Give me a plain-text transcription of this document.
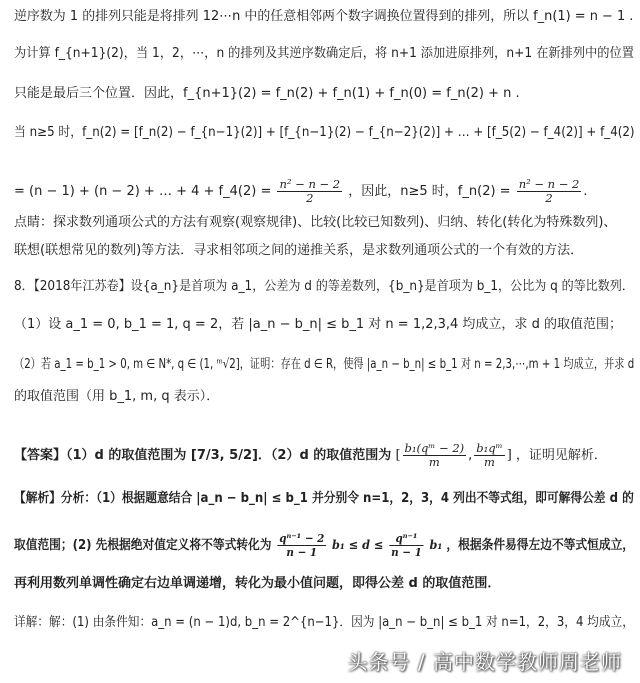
逆序数为 1 的排列只能是将排列 12⋯n 中的任意相邻两个数字调换位置得到的排列，所以 f_n(1) = n − 1 .
为计算 f_{n+1}(2)，当 1，2，⋯，n 的排列及其逆序数确定后，将 n+1 添加进原排列，n+1 在新排列中的位置
只能是最后三个位置．因此，f_{n+1}(2) = f_n(2) + f_n(1) + f_n(0) = f_n(2) + n .
当 n≥5 时，f_n(2) = [f_n(2) − f_{n−1}(2)] + [f_{n−1}(2) − f_{n−2}(2)] + … + [f_5(2) − f_4(2)] + f_4(2)
= (n − 1) + (n − 2) + … + 4 + f_4(2) = $\frac{\text{n² − n − 2}}{2}$ ，因此，n≥5 时，f_n(2) = $\frac{\text{n² − n − 2}}{2}$ .
点睛：探求数列通项公式的方法有观察(观察规律)、比较(比较已知数列)、归纳、转化(转化为特殊数列)、
联想(联想常见的数列)等方法．寻求相邻项之间的递推关系，是求数列通项公式的一个有效的方法．
8．【2018年江苏卷】设{a_n}是首项为 a_1，公差为 d 的等差数列，{b_n}是首项为 b_1，公比为 q 的等比数列．
（1）设 a_1 = 0, b_1 = 1, q = 2，若 |a_n − b_n| ≤ b_1 对 n = 1,2,3,4 均成立，求 d 的取值范围；
（2）若 a_1 = b_1 > 0, m ∈ N*, q ∈ (1, ᵐ√2]，证明：存在 d ∈ R，使得 |a_n − b_n| ≤ b_1 对 n = 2,3,⋯,m + 1 均成立，并求 d
的取值范围（用 b_1, m, q 表示）．
【答案】（1）d 的取值范围为 [7/3, 5/2]．（2）d 的取值范围为 [ $\frac{\text{b₁(qᵐ − 2)}}{m}$ , $\frac{\text{b₁qᵐ}}{m}$ ] ，证明见解析．
【解析】分析：（1）根据题意结合 |a_n − b_n| ≤ b_1 并分别令 n=1，2，3，4 列出不等式组，即可解得公差 d 的
取值范围；(2) 先根据绝对值定义将不等式转化为 $\frac{\text{qⁿ⁻¹ − 2}}{n - 1} b_1 \le d \le \frac{\text{qⁿ⁻¹}}{n - 1} b_1$ ，根据条件易得左边不等式恒成立，
再利用数列单调性确定右边单调递增，转化为最小值问题，即得公差 d 的取值范围．
详解：解：(1) 由条件知：a_n = (n − 1)d, b_n = 2^{n−1}．因为 |a_n − b_n| ≤ b_1 对 n=1，2，3，4 均成立，
头条号 / 高中数学教师周老师
